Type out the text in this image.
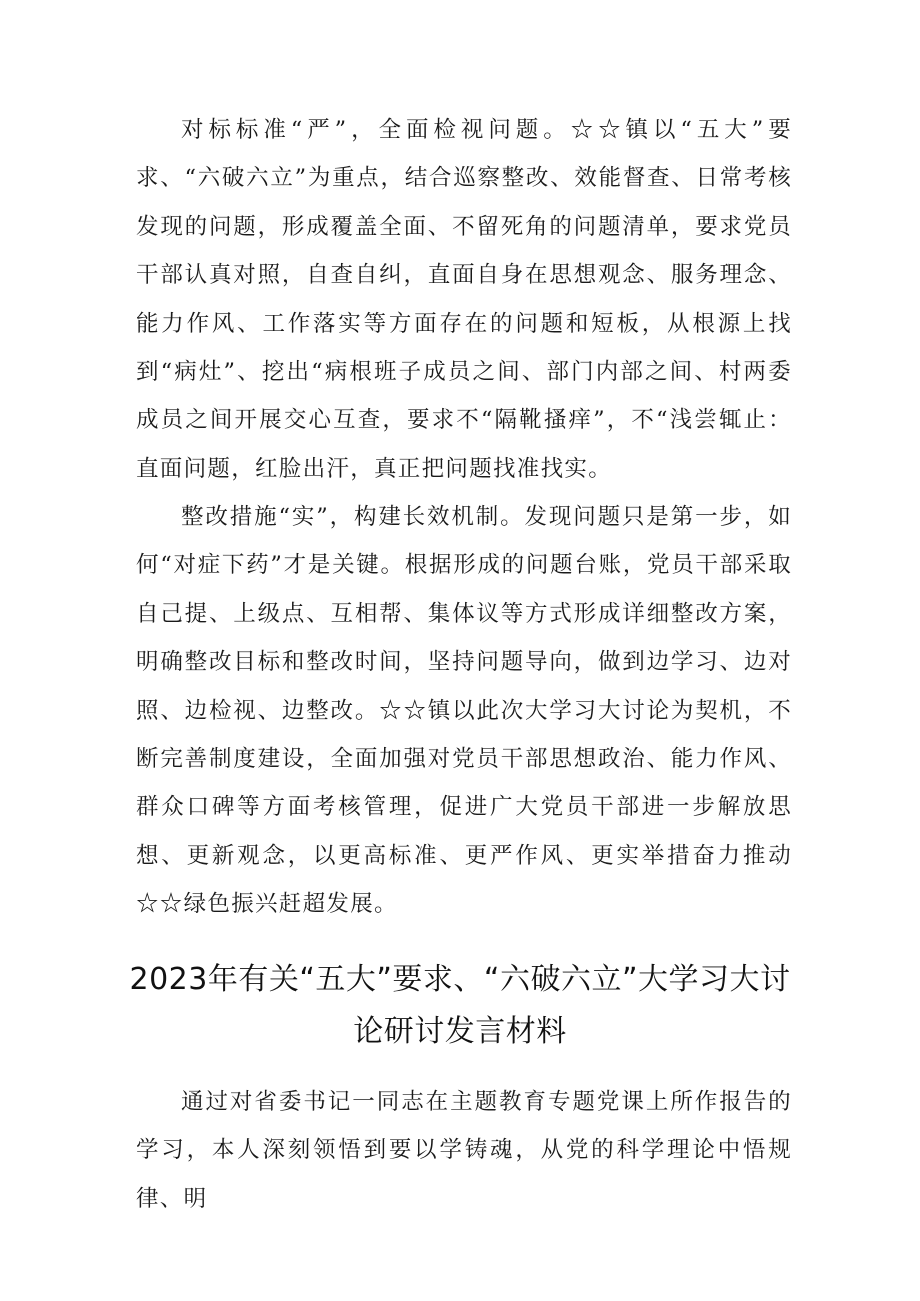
对标标准“严”，全面检视问题。☆☆镇以“五大”要求、“六破六立”为重点，结合巡察整改、效能督查、日常考核发现的问题，形成覆盖全面、不留死角的问题清单，要求党员干部认真对照，自查自纠，直面自身在思想观念、服务理念、能力作风、工作落实等方面存在的问题和短板，从根源上找到“病灶”、挖出“病根班子成员之间、部门内部之间、村两委成员之间开展交心互查，要求不“隔靴搔痒”，不“浅尝辄止：直面问题，红脸出汗，真正把问题找准找实。

整改措施“实”，构建长效机制。发现问题只是第一步，如何“对症下药”才是关键。根据形成的问题台账，党员干部采取自己提、上级点、互相帮、集体议等方式形成详细整改方案，明确整改目标和整改时间，坚持问题导向，做到边学习、边对照、边检视、边整改。☆☆镇以此次大学习大讨论为契机，不断完善制度建设，全面加强对党员干部思想政治、能力作风、群众口碑等方面考核管理，促进广大党员干部进一步解放思想、更新观念，以更高标准、更严作风、更实举措奋力推动☆☆绿色振兴赶超发展。

2023年有关“五大”要求、“六破六立”大学习大讨论研讨发言材料

通过对省委书记一同志在主题教育专题党课上所作报告的学习，本人深刻领悟到要以学铸魂，从党的科学理论中悟规律、明
